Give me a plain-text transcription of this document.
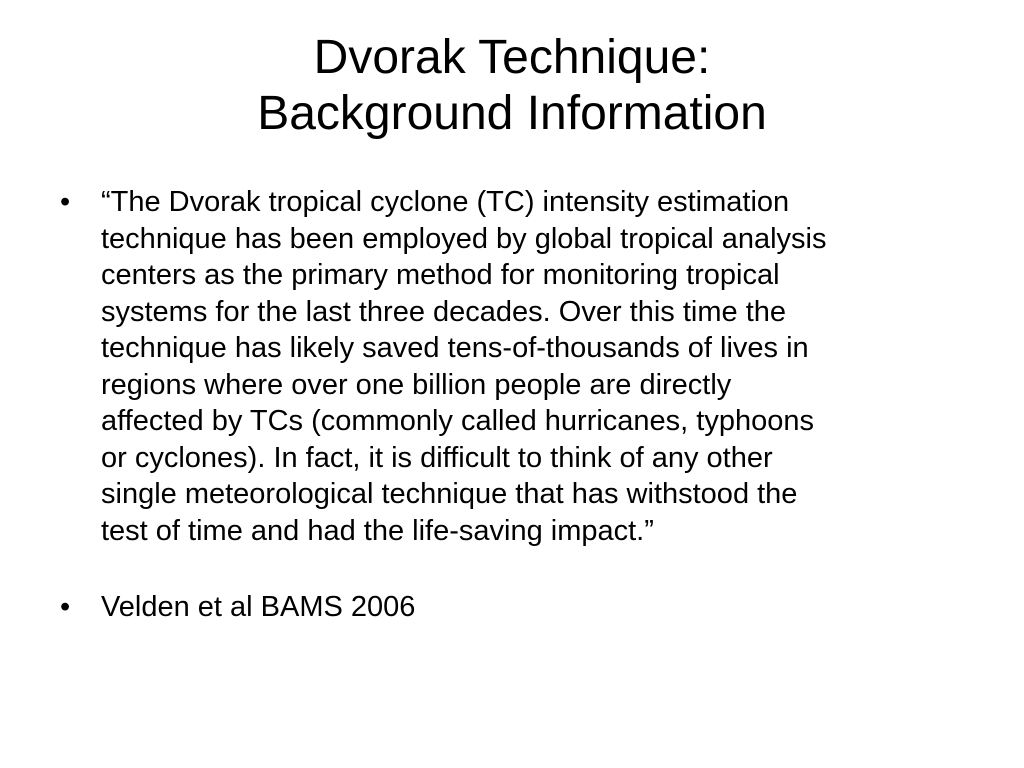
Dvorak Technique:
Background Information
•	“The Dvorak tropical cyclone (TC) intensity estimation
technique has been employed by global tropical analysis
centers as the primary method for monitoring tropical
systems for the last three decades. Over this time the
technique has likely saved tens-of-thousands of lives in
regions where over one billion people are directly
affected by TCs (commonly called hurricanes, typhoons
or cyclones). In fact, it is difficult to think of any other
single meteorological technique that has withstood the
test of time and had the life-saving impact.”
•	Velden et al BAMS 2006
